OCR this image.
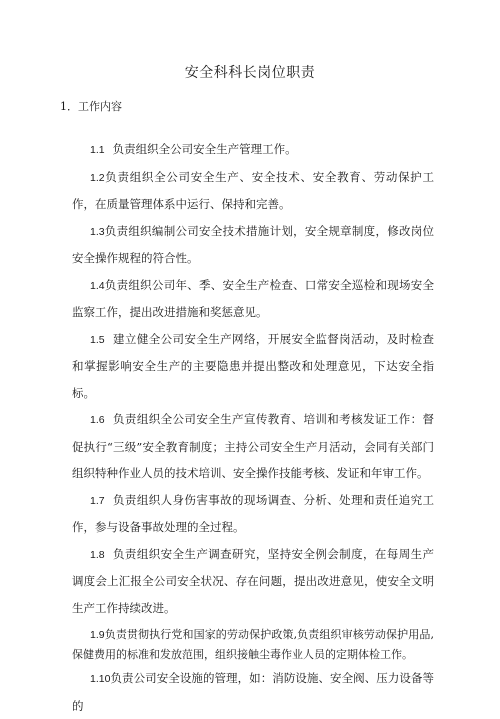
安全科科长岗位职责
1．工作内容

1.1 负责组织全公司安全生产管理工作。

1.2负责组织全公司安全生产、安全技术、安全教育、劳动保护工作，在质量管理体系中运行、保持和完善。

1.3负责组织编制公司安全技术措施计划，安全规章制度，修改岗位安全操作规程的符合性。

1.4负责组织公司年、季、安全生产检查、口常安全巡检和现场安全监察工作，提出改进措施和奖惩意见。

1.5 建立健全公司安全生产网络，开展安全监督岗活动，及时检查和掌握影响安全生产的主要隐患并提出整改和处理意见，下达安全指标。

1.6 负责组织全公司安全生产宣传教育、培训和考核发证工作：督促执行“三级”安全教育制度；主持公司安全生产月活动，会同有关部门组织特种作业人员的技术培训、安全操作技能考核、发证和年审工作。

1.7 负责组织人身伤害事故的现场调查、分析、处理和责任追究工作，参与设备事故处理的全过程。

1.8 负责组织安全生产调查研究，坚持安全例会制度，在每周生产调度会上汇报全公司安全状况、存在问题，提出改进意见，使安全文明生产工作持续改进。

1.9负责贯彻执行党和国家的劳动保护政策,负责组织审核劳动保护用品,保健费用的标准和发放范围，组织接触尘毒作业人员的定期体检工作。

1.10负责公司安全设施的管理，如：消防设施、安全阀、压力设备等的
